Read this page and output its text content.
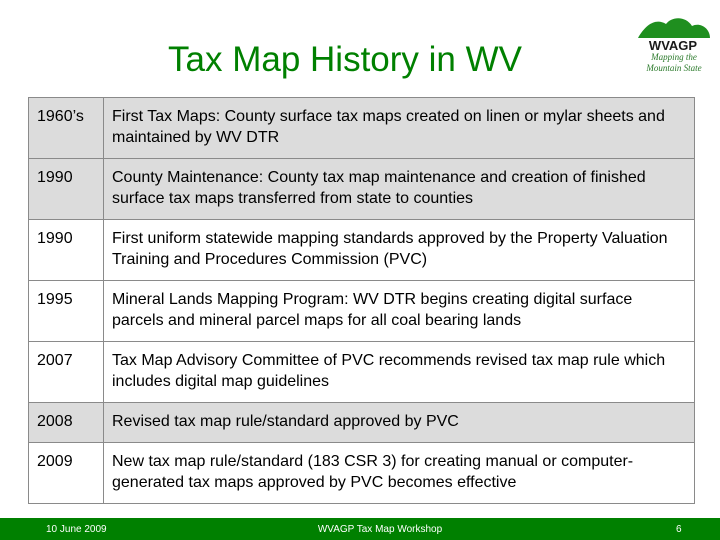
Tax Map History in WV	WVAGP
Mapping the Mountain State
1960’s	First Tax Maps: County surface tax maps created on linen or mylar sheets and maintained by WV DTR
1990	County Maintenance: County tax map maintenance and creation of finished surface tax maps transferred from state to counties
1990	First uniform statewide mapping standards approved by the Property Valuation Training and Procedures Commission (PVC)
1995	Mineral Lands Mapping Program: WV DTR begins creating digital surface parcels and mineral parcel maps for all coal bearing lands
2007	Tax Map Advisory Committee of PVC recommends revised tax map rule which includes digital map guidelines
2008	Revised tax map rule/standard approved by PVC
2009	New tax map rule/standard (183 CSR 3) for creating manual or computer-generated tax maps approved by PVC becomes effective
10 June 2009	WVAGP Tax Map Workshop	6
